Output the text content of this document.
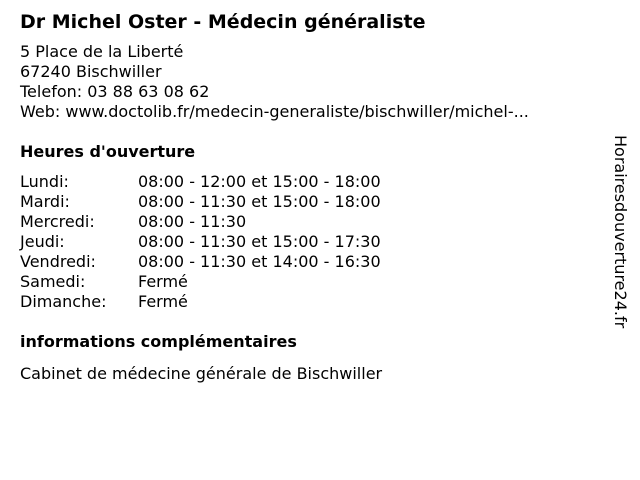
Dr Michel Oster - Médecin généraliste
5 Place de la Liberté
67240 Bischwiller
Telefon: 03 88 63 08 62
Web: www.doctolib.fr/medecin-generaliste/bischwiller/michel-...
Heures d'ouverture
Lundi:	08:00 - 12:00 et 15:00 - 18:00
Mardi:	08:00 - 11:30 et 15:00 - 18:00
Mercredi:	08:00 - 11:30
Jeudi:	08:00 - 11:30 et 15:00 - 17:30
Vendredi:	08:00 - 11:30 et 14:00 - 16:30
Samedi:	Fermé
Dimanche:	Fermé
informations complémentaires
Cabinet de médecine générale de Bischwiller
Horairesdouverture24.fr
